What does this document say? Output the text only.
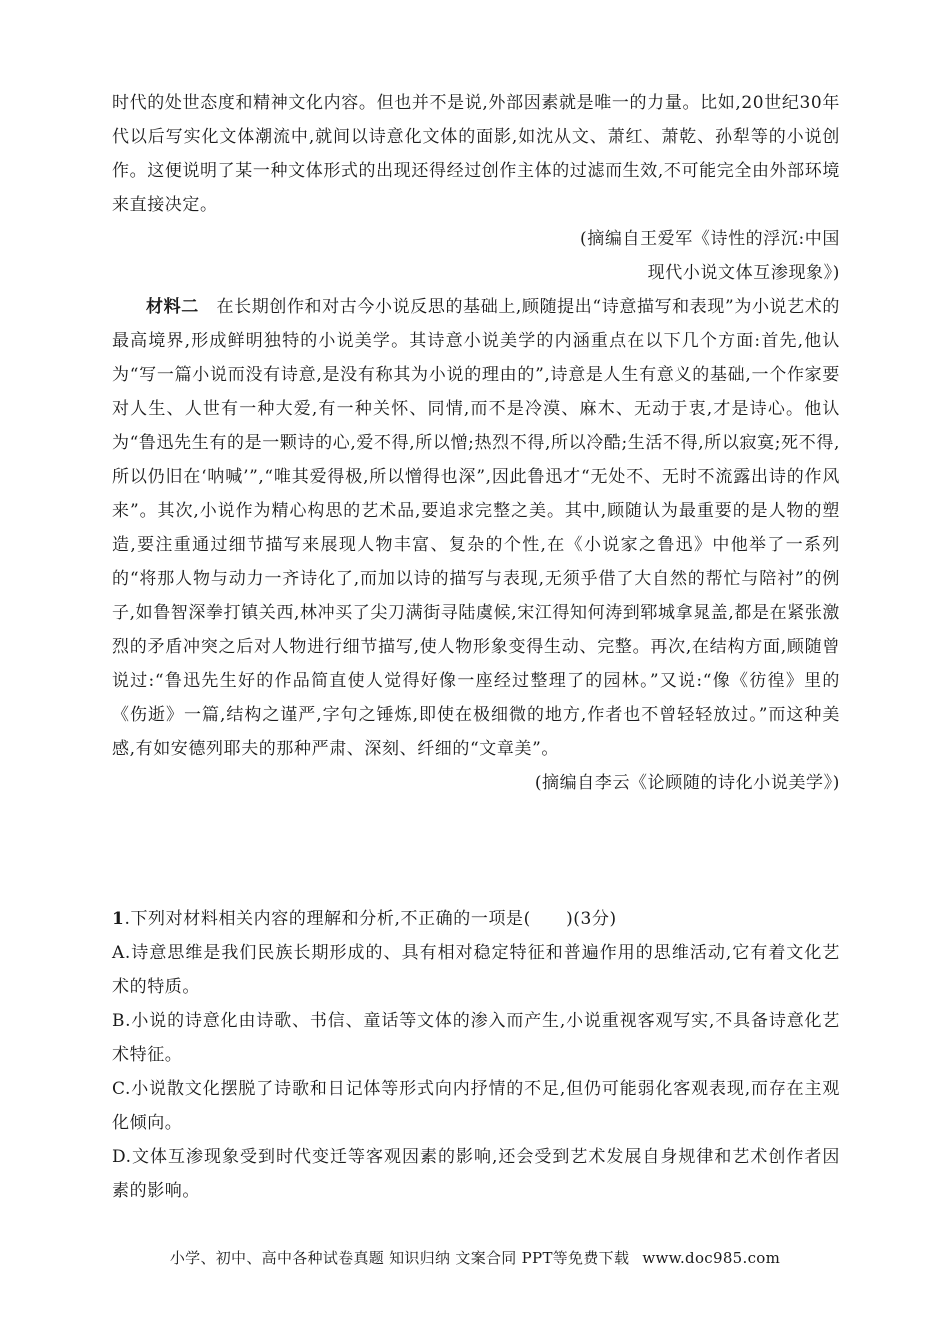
时代的处世态度和精神文化内容。但也并不是说,外部因素就是唯一的力量。比如,20世纪30年代以后写实化文体潮流中,就间以诗意化文体的面影,如沈从文、萧红、萧乾、孙犁等的小说创作。这便说明了某一种文体形式的出现还得经过创作主体的过滤而生效,不可能完全由外部环境来直接决定。

(摘编自王爱军《诗性的浮沉:中国

现代小说文体互渗现象》)

材料二　 在长期创作和对古今小说反思的基础上,顾随提出“诗意描写和表现”为小说艺术的最高境界,形成鲜明独特的小说美学。其诗意小说美学的内涵重点在以下几个方面:首先,他认为“写一篇小说而没有诗意,是没有称其为小说的理由的”,诗意是人生有意义的基础,一个作家要对人生、人世有一种大爱,有一种关怀、同情,而不是冷漠、麻木、无动于衷,才是诗心。他认为“鲁迅先生有的是一颗诗的心,爱不得,所以憎;热烈不得,所以冷酷;生活不得,所以寂寞;死不得,所以仍旧在‘呐喊’”,“唯其爱得极,所以憎得也深”,因此鲁迅才“无处不、无时不流露出诗的作风来”。其次,小说作为精心构思的艺术品,要追求完整之美。其中,顾随认为最重要的是人物的塑造,要注重通过细节描写来展现人物丰富、复杂的个性,在《小说家之鲁迅》中他举了一系列的“将那人物与动力一齐诗化了,而加以诗的描写与表现,无须乎借了大自然的帮忙与陪衬”的例子,如鲁智深拳打镇关西,林冲买了尖刀满街寻陆虞候,宋江得知何涛到郓城拿晁盖,都是在紧张激烈的矛盾冲突之后对人物进行细节描写,使人物形象变得生动、完整。再次,在结构方面,顾随曾说过:“鲁迅先生好的作品简直使人觉得好像一座经过整理了的园林。”又说:“像《彷徨》里的《伤逝》一篇,结构之谨严,字句之锤炼,即使在极细微的地方,作者也不曾轻轻放过。”而这种美感,有如安德列耶夫的那种严肃、深刻、纤细的“文章美”。

(摘编自李云《论顾随的诗化小说美学》)

1.下列对材料相关内容的理解和分析,不正确的一项是(　　)(3分)

A.诗意思维是我们民族长期形成的、具有相对稳定特征和普遍作用的思维活动,它有着文化艺术的特质。

B.小说的诗意化由诗歌、书信、童话等文体的渗入而产生,小说重视客观写实,不具备诗意化艺术特征。

C.小说散文化摆脱了诗歌和日记体等形式向内抒情的不足,但仍可能弱化客观表现,而存在主观化倾向。

D.文体互渗现象受到时代变迁等客观因素的影响,还会受到艺术发展自身规律和艺术创作者因素的影响。

小学、初中、高中各种试卷真题 知识归纳 文案合同 PPT等免费下载 www.doc985.com
